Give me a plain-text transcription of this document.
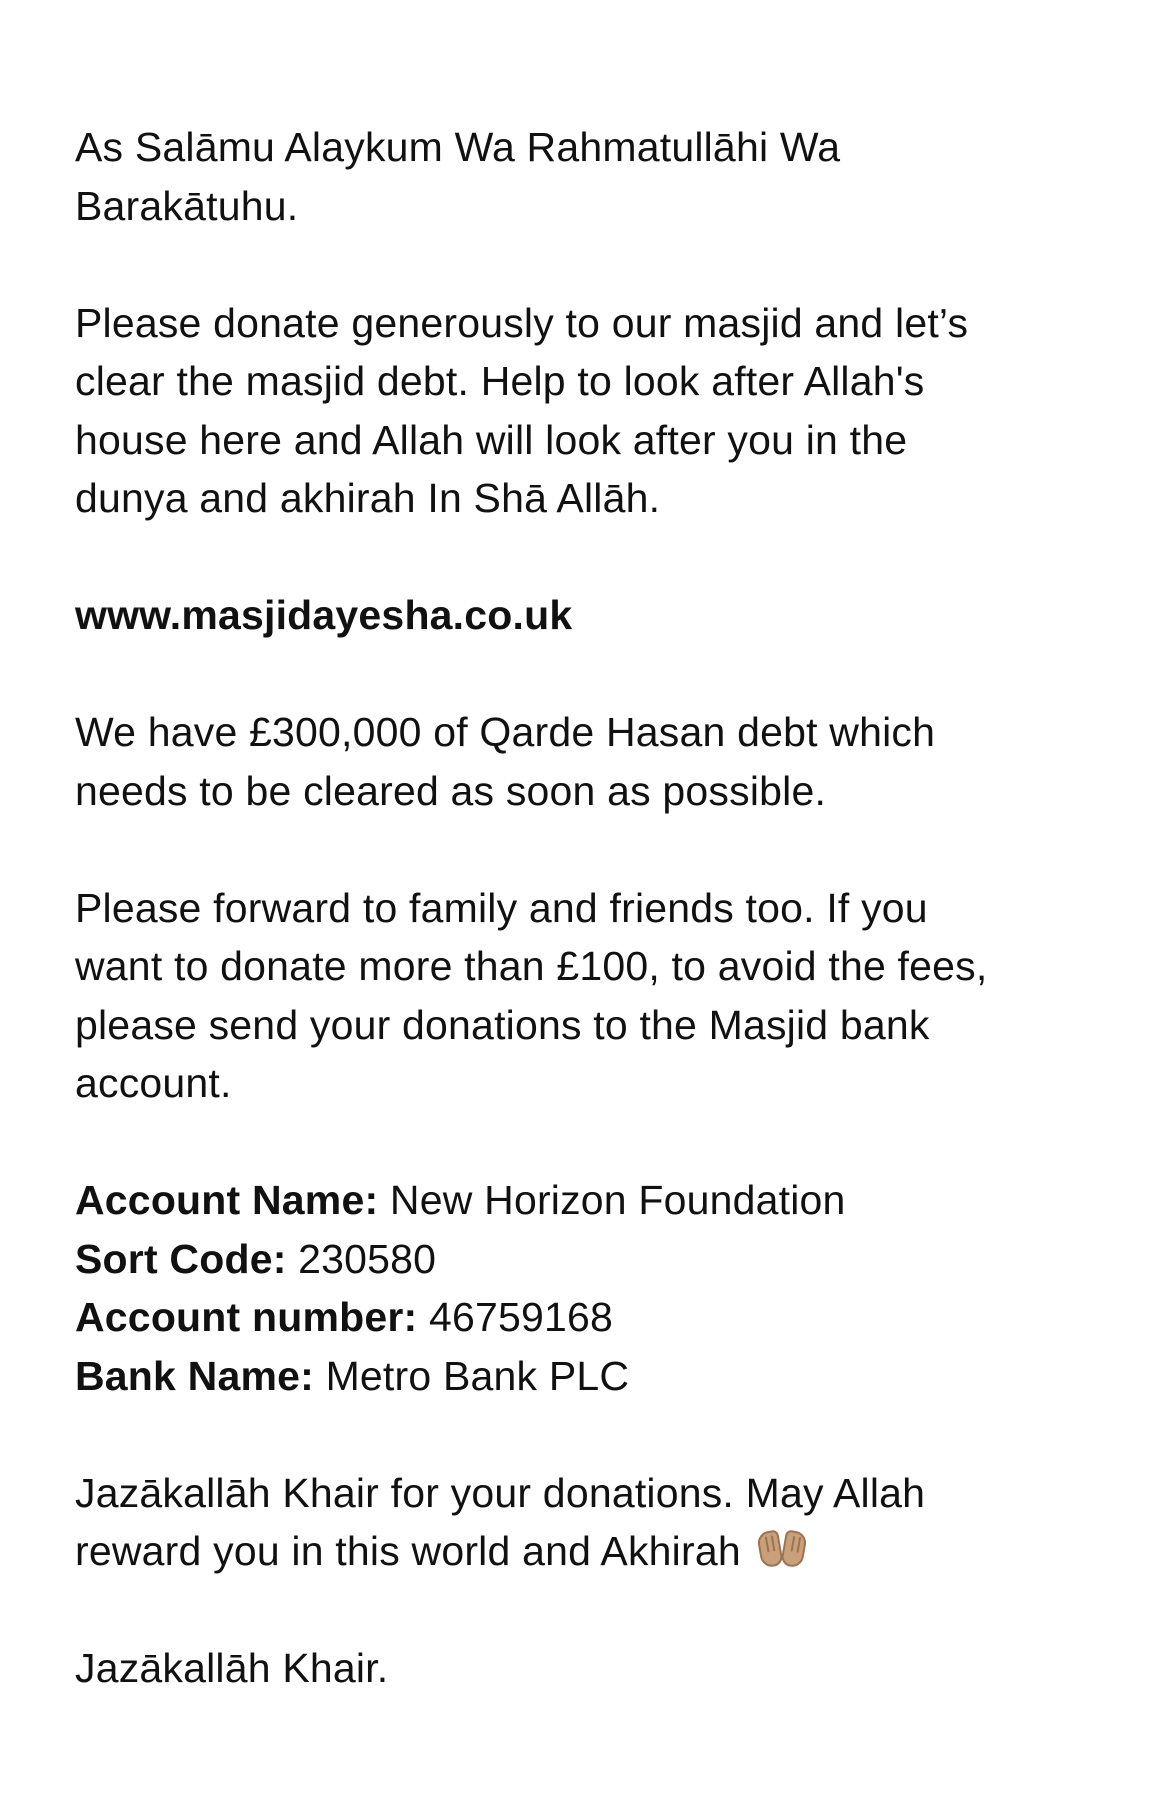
As Salāmu Alaykum Wa Rahmatullāhi Wa
Barakātuhu.

Please donate generously to our masjid and let’s
clear the masjid debt. Help to look after Allah's
house here and Allah will look after you in the
dunya and akhirah In Shā Allāh.

www.masjidayesha.co.uk

We have £300,000 of Qarde Hasan debt which
needs to be cleared as soon as possible.

Please forward to family and friends too. If you
want to donate more than £100, to avoid the fees,
please send your donations to the Masjid bank
account.

Account Name: New Horizon Foundation
Sort Code: 230580
Account number: 46759168
Bank Name: Metro Bank PLC

Jazākallāh Khair for your donations. May Allah
reward you in this world and Akhirah

Jazākallāh Khair.
